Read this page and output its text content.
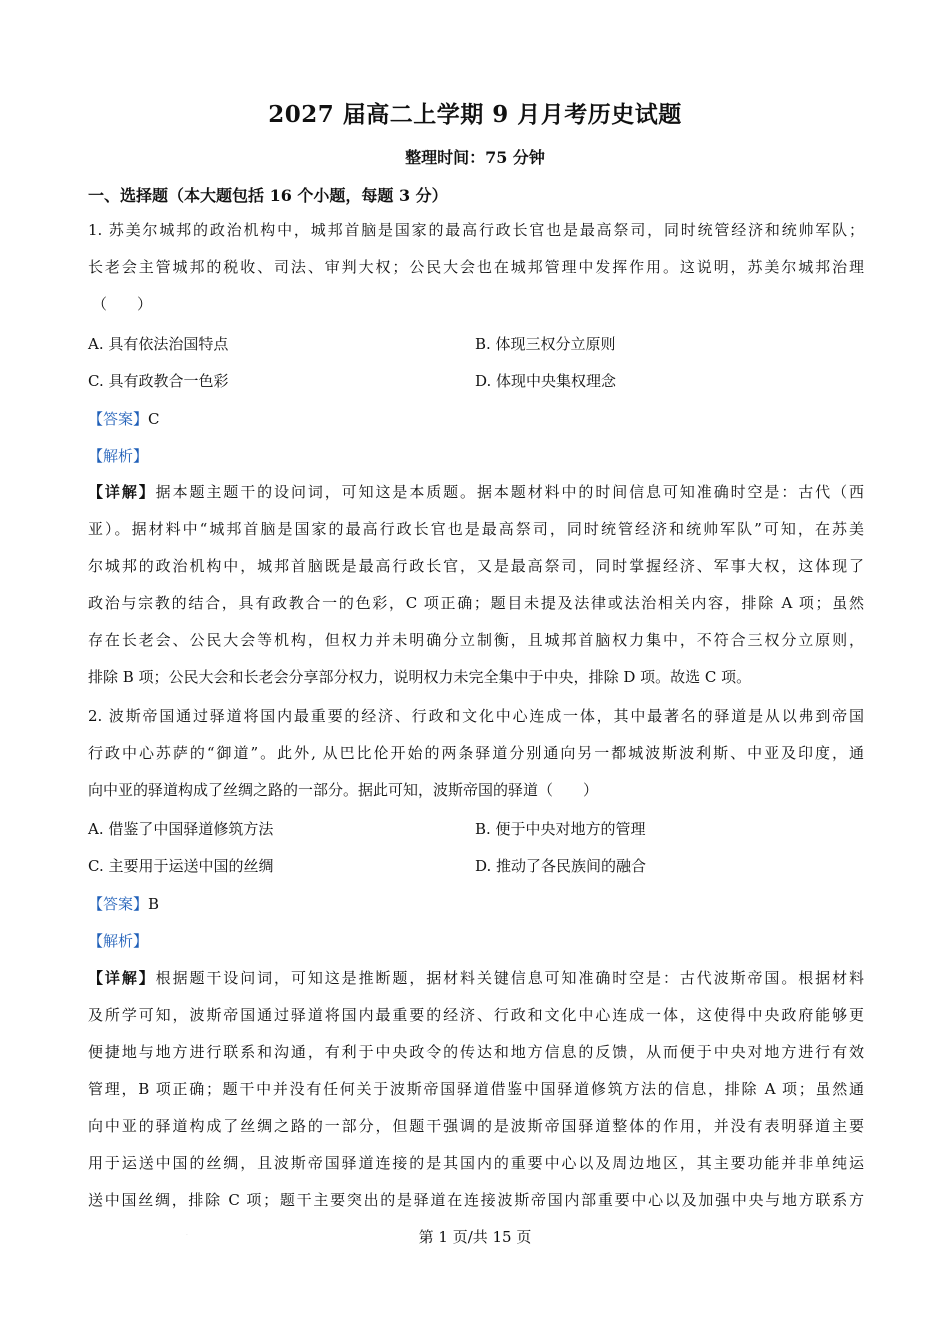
2027 届高二上学期 9 月月考历史试题
整理时间：75 分钟
一、选择题（本大题包括 16 个小题，每题 3 分）
1. 苏美尔城邦的政治机构中，城邦首脑是国家的最高行政长官也是最高祭司，同时统管经济和统帅军队；
长老会主管城邦的税收、司法、审判大权；公民大会也在城邦管理中发挥作用。这说明，苏美尔城邦治理
（　　）
A. 具有依法治国特点	B. 体现三权分立原则
C. 具有政教合一色彩	D. 体现中央集权理念
【答案】C
【解析】
【详解】据本题主题干的设问词，可知这是本质题。据本题材料中的时间信息可知准确时空是：古代（西
亚）。据材料中“城邦首脑是国家的最高行政长官也是最高祭司，同时统管经济和统帅军队”可知，在苏美
尔城邦的政治机构中，城邦首脑既是最高行政长官，又是最高祭司，同时掌握经济、军事大权，这体现了
政治与宗教的结合，具有政教合一的色彩，C 项正确；题目未提及法律或法治相关内容，排除 A 项；虽然
存在长老会、公民大会等机构，但权力并未明确分立制衡，且城邦首脑权力集中，不符合三权分立原则，
排除 B 项；公民大会和长老会分享部分权力，说明权力未完全集中于中央，排除 D 项。故选 C 项。
2. 波斯帝国通过驿道将国内最重要的经济、行政和文化中心连成一体，其中最著名的驿道是从以弗到帝国
行政中心苏萨的“御道”。此外, 从巴比伦开始的两条驿道分别通向另一都城波斯波利斯、中亚及印度，通
向中亚的驿道构成了丝绸之路的一部分。据此可知，波斯帝国的驿道（　　）
A. 借鉴了中国驿道修筑方法	B. 便于中央对地方的管理
C. 主要用于运送中国的丝绸	D. 推动了各民族间的融合
【答案】B
【解析】
【详解】根据题干设问词，可知这是推断题，据材料关键信息可知准确时空是：古代波斯帝国。根据材料
及所学可知，波斯帝国通过驿道将国内最重要的经济、行政和文化中心连成一体，这使得中央政府能够更
便捷地与地方进行联系和沟通，有利于中央政令的传达和地方信息的反馈，从而便于中央对地方进行有效
管理，B 项正确；题干中并没有任何关于波斯帝国驿道借鉴中国驿道修筑方法的信息，排除 A 项；虽然通
向中亚的驿道构成了丝绸之路的一部分，但题干强调的是波斯帝国驿道整体的作用，并没有表明驿道主要
用于运送中国的丝绸，且波斯帝国驿道连接的是其国内的重要中心以及周边地区，其主要功能并非单纯运
送中国丝绸，排除 C 项；题干主要突出的是驿道在连接波斯帝国内部重要中心以及加强中央与地方联系方
．	第 1 页/共 15 页
